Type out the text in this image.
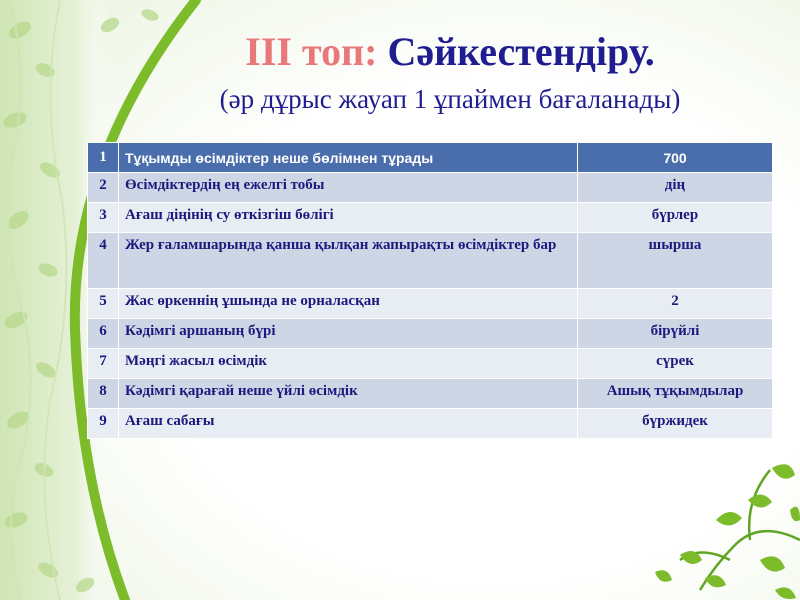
III топ: Сәйкестендіру.
(әр дұрыс жауап 1 ұпаймен бағаланады)
1	Тұқымды өсімдіктер неше бөлімнен тұрады	700
2	Өсімдіктердің ең ежелгі тобы	дің
3	Ағаш дiңiнiң су өткiзгiш бөлiгi	бүрлер
4	Жер ғаламшарында қанша қылқан жапырақты өсiмдiктер бар	шырша
5	Жас өркеннің ұшында не орналасқан	2
6	Кәдімгі аршаның бүрі	бірүйлі
7	Мәңгі жасыл өсімдік	сүрек
8	Кәдімгі қарағай неше үйлі өсімдік	Ашық тұқымдылар
9	Ағаш сабағы	бүржидек
